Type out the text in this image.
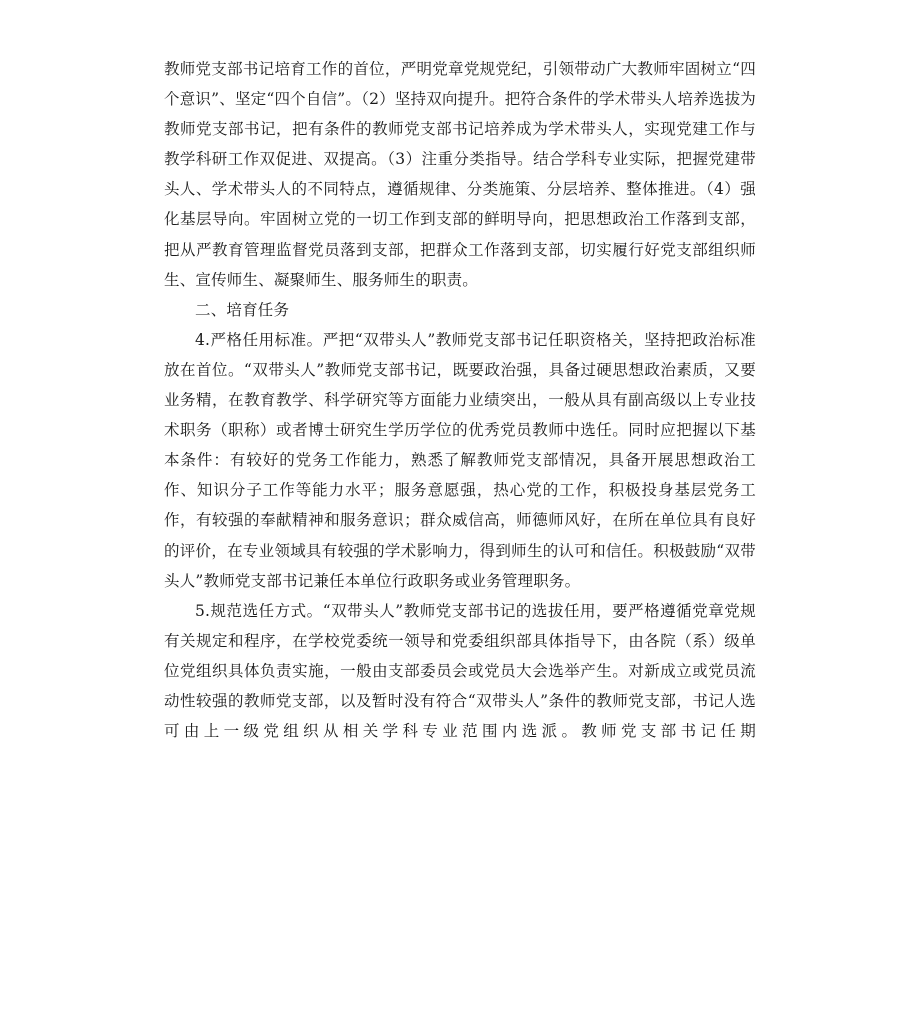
教师党支部书记培育工作的首位，严明党章党规党纪，引领带动广大教师牢固树立“四个意识”、坚定“四个自信”。（2）坚持双向提升。把符合条件的学术带头人培养选拔为教师党支部书记，把有条件的教师党支部书记培养成为学术带头人，实现党建工作与教学科研工作双促进、双提高。（3）注重分类指导。结合学科专业实际，把握党建带头人、学术带头人的不同特点，遵循规律、分类施策、分层培养、整体推进。（4）强化基层导向。牢固树立党的一切工作到支部的鲜明导向，把思想政治工作落到支部，把从严教育管理监督党员落到支部，把群众工作落到支部，切实履行好党支部组织师生、宣传师生、凝聚师生、服务师生的职责。

二、培育任务

4.严格任用标准。严把“双带头人”教师党支部书记任职资格关，坚持把政治标准放在首位。“双带头人”教师党支部书记，既要政治强，具备过硬思想政治素质，又要业务精，在教育教学、科学研究等方面能力业绩突出，一般从具有副高级以上专业技术职务（职称）或者博士研究生学历学位的优秀党员教师中选任。同时应把握以下基本条件：有较好的党务工作能力，熟悉了解教师党支部情况，具备开展思想政治工作、知识分子工作等能力水平；服务意愿强，热心党的工作，积极投身基层党务工作，有较强的奉献精神和服务意识；群众威信高，师德师风好，在所在单位具有良好的评价，在专业领域具有较强的学术影响力，得到师生的认可和信任。积极鼓励“双带头人”教师党支部书记兼任本单位行政职务或业务管理职务。

5.规范选任方式。“双带头人”教师党支部书记的选拔任用，要严格遵循党章党规有关规定和程序，在学校党委统一领导和党委组织部具体指导下，由各院（系）级单位党组织具体负责实施，一般由支部委员会或党员大会选举产生。对新成立或党员流动性较强的教师党支部，以及暂时没有符合“双带头人”条件的教师党支部，书记人选可由上一级党组织从相关学科专业范围内选派。教师党支部书记任期
